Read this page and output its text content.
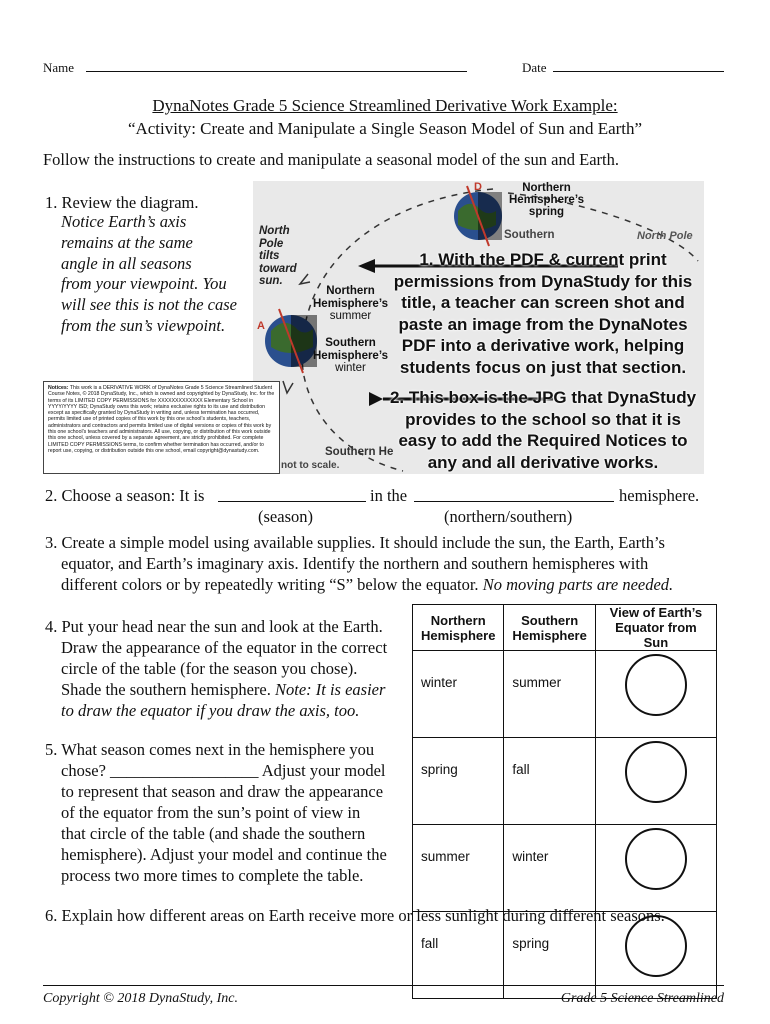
Name	Date
DynaNotes Grade 5 Science Streamlined Derivative Work Example:
“Activity: Create and Manipulate a Single Season Model of Sun and Earth”
Follow the instructions to create and manipulate a seasonal model of the sun and Earth.
1. Review the diagram.
Notice Earth’s axis
remains at the same
angle in all seasons
from your viewpoint. You
will see this is not the case
from the sun’s viewpoint.
North
Pole
tilts
toward
sun.
D
A
Northern
Hemisphere’s
spring
Southern	North Pole
Northern
Hemisphere’s
summer
Southern
Hemisphere’s
winter
Southern He
not to scale.
1. With the PDF & current print
permissions from DynaStudy for this
title, a teacher can screen shot and
paste an image from the DynaNotes
PDF into a derivative work, helping
students focus on just that section.
2. This box is the JPG that DynaStudy
provides to the school so that it is
easy to add the Required Notices to
any and all derivative works.
Notices: This work is a DERIVATIVE WORK of DynaNotes Grade 5 Science Streamlined Student Course Notes, © 2018 DynaStudy, Inc., which is owned and copyrighted by DynaStudy, Inc. for the terms of its LIMITED COPY PERMISSIONS for XXXXXXXXXXXXX Elementary School in YYYY/YYYY ISD; DynaStudy owns this work; retains exclusive rights to its use and distribution except as specifically granted by DynaStudy in writing and, unless termination has occurred, permits limited use of printed copies of this work by this one school’s students, teachers, administrators and contractors and permits limited use of digital versions or copies of this work by this one school’s teachers and administrators. All use, copying, or distribution of this work outside this one school, unless covered by a separate agreement, are strictly prohibited. For complete LIMITED COPY PERMISSIONS terms, to confirm whether termination has occurred, and/or to report use, copying, or distribution outside this one school, email copyright@dynastudy.com.
2. Choose a season: It is	in the	hemisphere.
(season)	(northern/southern)
3. Create a simple model using available supplies. It should include the sun, the Earth, Earth’s
equator, and Earth’s imaginary axis. Identify the northern and southern hemispheres with
different colors or by repeatedly writing “S” below the equator. No moving parts are needed.
4. Put your head near the sun and look at the Earth.
Draw the appearance of the equator in the correct
circle of the table (for the season you chose).
Shade the southern hemisphere. Note: It is easier
to draw the equator if you draw the axis, too.
5. What season comes next in the hemisphere you
chose? __________________ Adjust your model
to represent that season and draw the appearance
of the equator from the sun’s point of view in
that circle of the table (and shade the southern
hemisphere). Adjust your model and continue the
process two more times to complete the table.
Northern Hemisphere	Southern Hemisphere	View of Earth’s Equator from Sun
winter	summer	

spring	fall	

summer	winter	

fall	spring	
6. Explain how different areas on Earth receive more or less sunlight during different seasons.
Copyright © 2018 DynaStudy, Inc.	Grade 5 Science Streamlined
